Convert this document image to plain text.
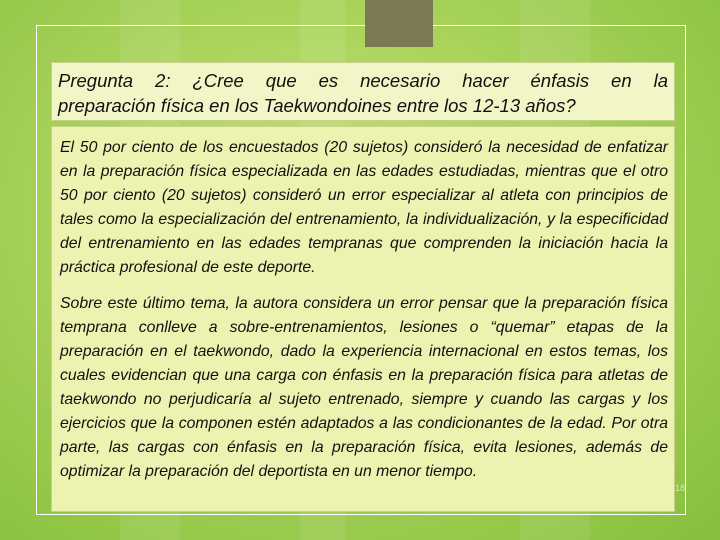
Pregunta 2: ¿Cree que es necesario hacer énfasis en la
preparación física en los Taekwondoines entre los 12-13 años?

El 50 por ciento de los encuestados (20 sujetos) consideró la necesidad de enfatizar en la preparación física especializada en las edades estudiadas, mientras que el otro 50 por ciento (20 sujetos) consideró un error especializar al atleta con principios de tales como la especialización del entrenamiento, la individualización, y la especificidad del entrenamiento en las edades tempranas que comprenden la iniciación hacia la práctica profesional de este deporte.

Sobre este último tema, la autora considera un error pensar que la preparación física temprana conlleve a sobre-entrenamientos, lesiones o “quemar” etapas de la preparación en el taekwondo, dado la experiencia internacional en estos temas, los cuales evidencian que una carga con énfasis en la preparación física para atletas de taekwondo no perjudicaría al sujeto entrenado, siempre y cuando las cargas y los ejercicios que la componen estén adaptados a las condicionantes de la edad. Por otra parte, las cargas con énfasis en la preparación física, evita lesiones, además de optimizar la preparación del deportista en un menor tiempo.

18
